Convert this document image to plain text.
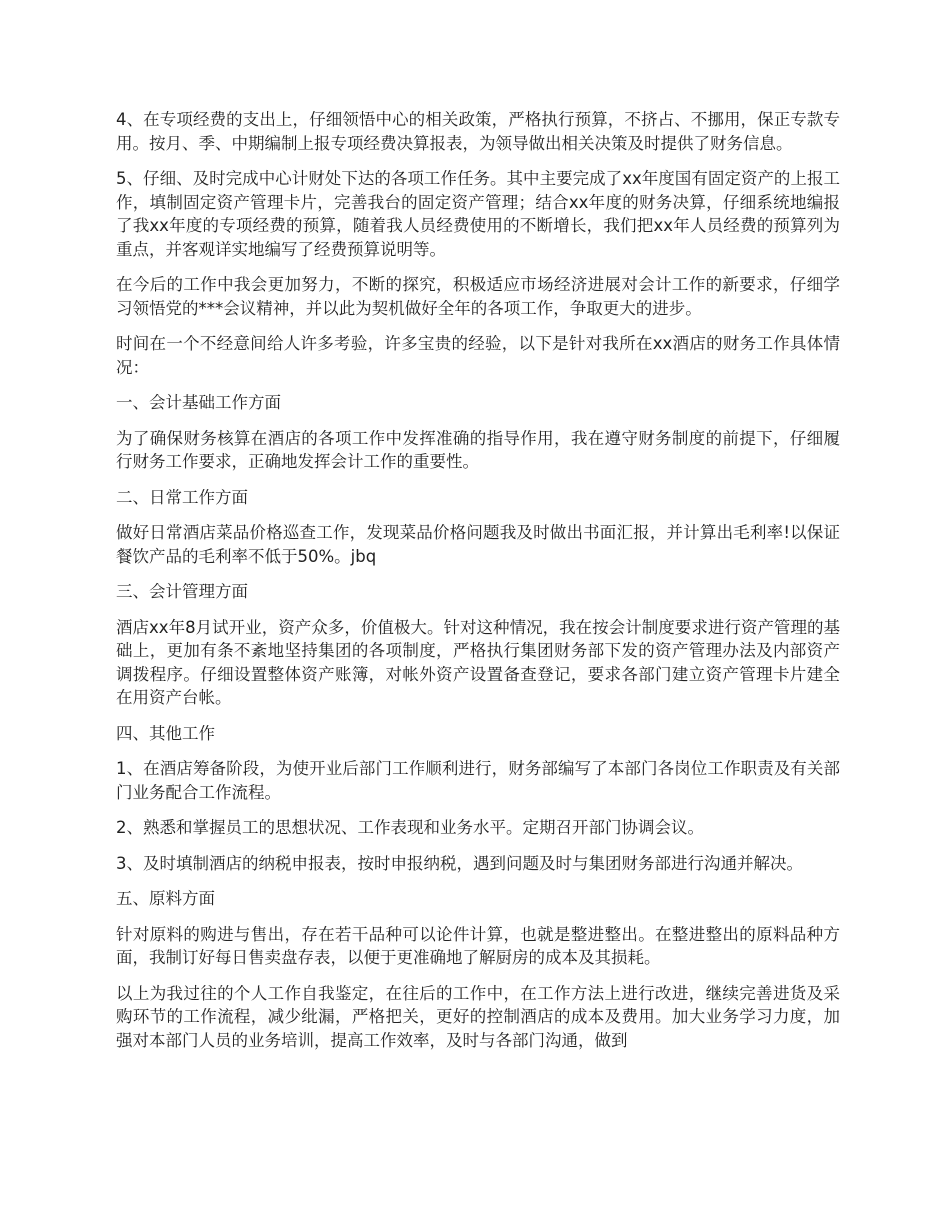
4、在专项经费的支出上，仔细领悟中心的相关政策，严格执行预算，不挤占、不挪用，保正专款专用。按月、季、中期编制上报专项经费决算报表，为领导做出相关决策及时提供了财务信息。

5、仔细、及时完成中心计财处下达的各项工作任务。其中主要完成了xx年度国有固定资产的上报工作，填制固定资产管理卡片，完善我台的固定资产管理；结合xx年度的财务决算，仔细系统地编报了我xx年度的专项经费的预算，随着我人员经费使用的不断增长，我们把xx年人员经费的预算列为重点，并客观详实地编写了经费预算说明等。

在今后的工作中我会更加努力，不断的探究，积极适应市场经济进展对会计工作的新要求，仔细学习领悟党的***会议精神，并以此为契机做好全年的各项工作，争取更大的进步。

时间在一个不经意间给人许多考验，许多宝贵的经验，以下是针对我所在xx酒店的财务工作具体情况：

一、会计基础工作方面

为了确保财务核算在酒店的各项工作中发挥准确的指导作用，我在遵守财务制度的前提下，仔细履行财务工作要求，正确地发挥会计工作的重要性。

二、日常工作方面

做好日常酒店菜品价格巡查工作，发现菜品价格问题我及时做出书面汇报，并计算出毛利率!以保证餐饮产品的毛利率不低于50%。jbq

三、会计管理方面

酒店xx年8月试开业，资产众多，价值极大。针对这种情况，我在按会计制度要求进行资产管理的基础上，更加有条不紊地坚持集团的各项制度，严格执行集团财务部下发的资产管理办法及内部资产调拨程序。仔细设置整体资产账簿，对帐外资产设置备查登记，要求各部门建立资产管理卡片建全在用资产台帐。

四、其他工作

1、在酒店筹备阶段，为使开业后部门工作顺利进行，财务部编写了本部门各岗位工作职责及有关部门业务配合工作流程。

2、熟悉和掌握员工的思想状况、工作表现和业务水平。定期召开部门协调会议。

3、及时填制酒店的纳税申报表，按时申报纳税，遇到问题及时与集团财务部进行沟通并解决。

五、原料方面

针对原料的购进与售出，存在若干品种可以论件计算，也就是整进整出。在整进整出的原料品种方面，我制订好每日售卖盘存表，以便于更准确地了解厨房的成本及其损耗。

以上为我过往的个人工作自我鉴定，在往后的工作中，在工作方法上进行改进，继续完善进货及采购环节的工作流程，减少纰漏，严格把关，更好的控制酒店的成本及费用。加大业务学习力度，加强对本部门人员的业务培训，提高工作效率，及时与各部门沟通，做到
